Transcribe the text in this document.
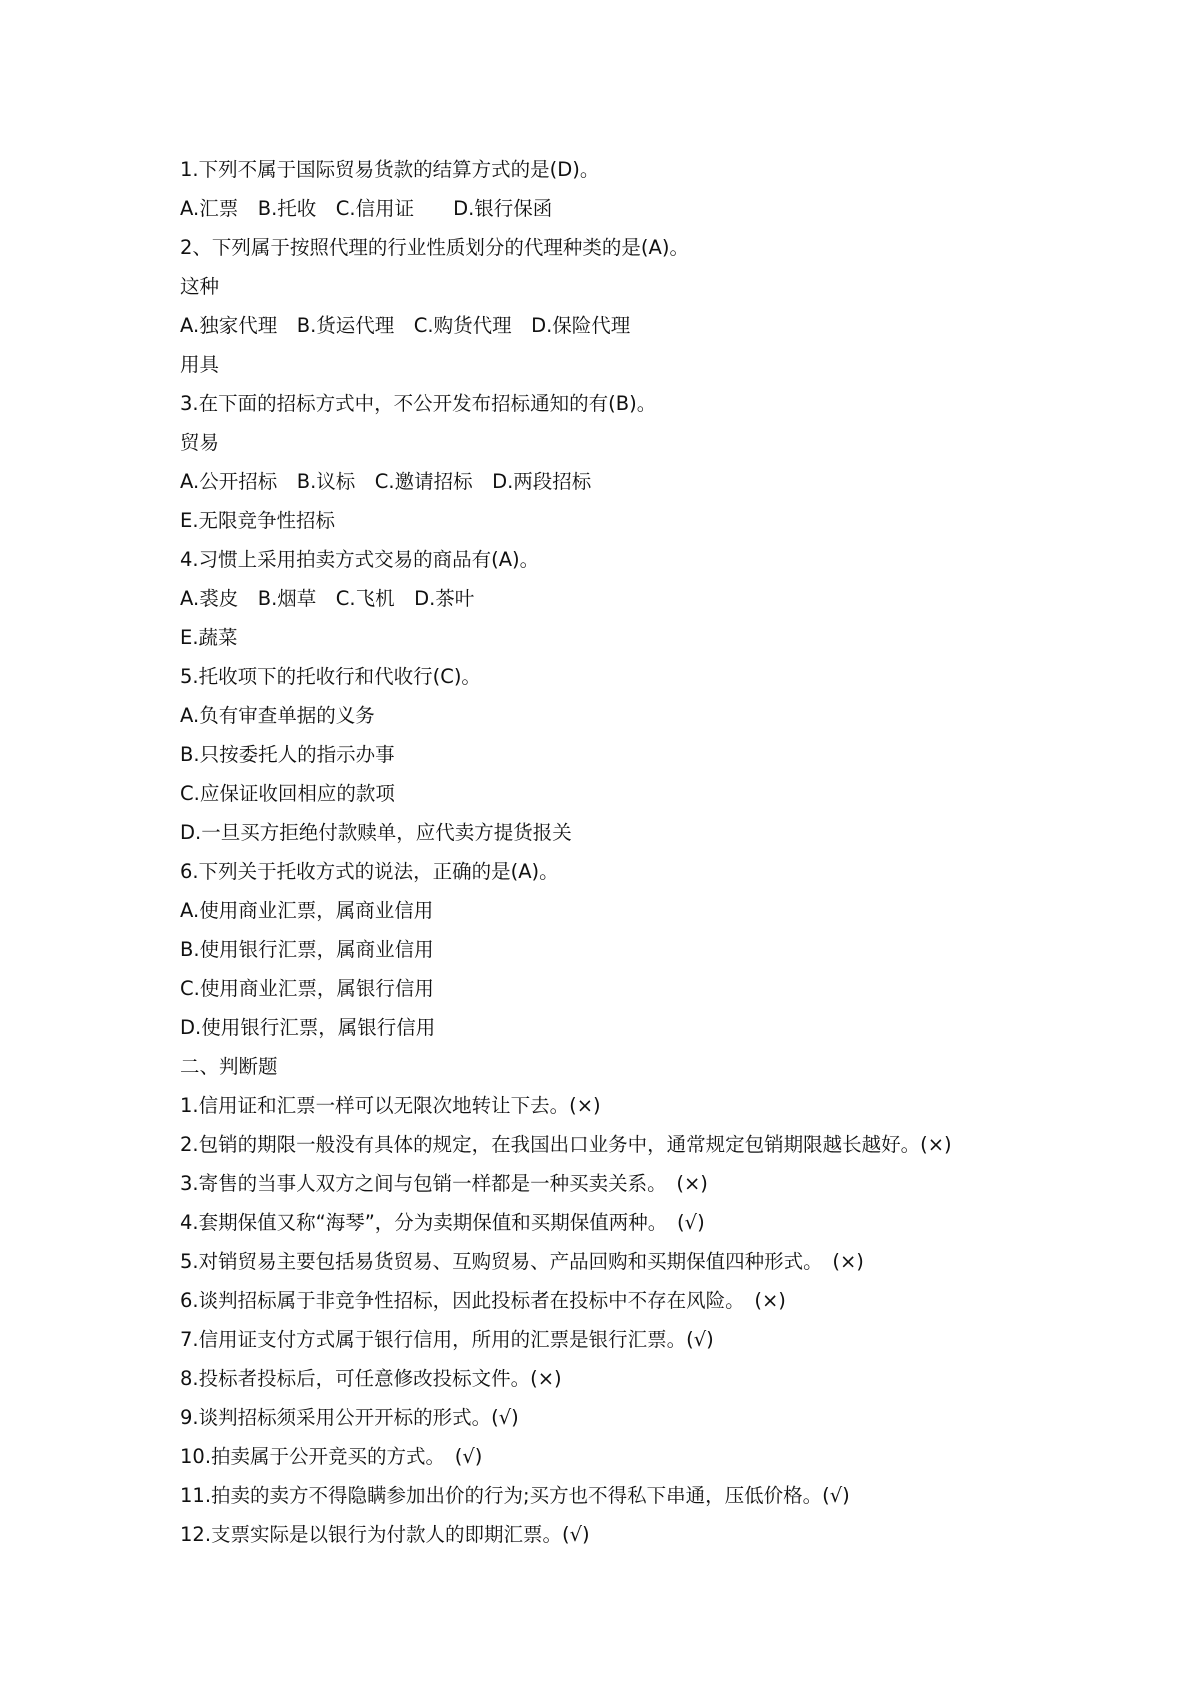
1.下列不属于国际贸易货款的结算方式的是(D)。
A.汇票　B.托收　C.信用证　　D.银行保函
2、下列属于按照代理的行业性质划分的代理种类的是(A)。
这种
A.独家代理　B.货运代理　C.购货代理　D.保险代理
用具
3.在下面的招标方式中，不公开发布招标通知的有(B)。
贸易
A.公开招标　B.议标　C.邀请招标　D.两段招标
E.无限竞争性招标
4.习惯上采用拍卖方式交易的商品有(A)。
A.裘皮　B.烟草　C.飞机　D.茶叶
E.蔬菜
5.托收项下的托收行和代收行(C)。
A.负有审查单据的义务
B.只按委托人的指示办事
C.应保证收回相应的款项
D.一旦买方拒绝付款赎单，应代卖方提货报关
6.下列关于托收方式的说法，正确的是(A)。
A.使用商业汇票，属商业信用
B.使用银行汇票，属商业信用
C.使用商业汇票，属银行信用
D.使用银行汇票，属银行信用
二、判断题
1.信用证和汇票一样可以无限次地转让下去。(×)
2.包销的期限一般没有具体的规定，在我国出口业务中，通常规定包销期限越长越好。(×)
3.寄售的当事人双方之间与包销一样都是一种买卖关系。　(×)
4.套期保值又称“海琴”，分为卖期保值和买期保值两种。　(√)
5.对销贸易主要包括易货贸易、互购贸易、产品回购和买期保值四种形式。　(×)
6.谈判招标属于非竞争性招标，因此投标者在投标中不存在风险。　(×)
7.信用证支付方式属于银行信用，所用的汇票是银行汇票。(√)
8.投标者投标后，可任意修改投标文件。(×)
9.谈判招标须采用公开开标的形式。(√)
10.拍卖属于公开竞买的方式。　(√)
11.拍卖的卖方不得隐瞒参加出价的行为;买方也不得私下串通，压低价格。(√)
12.支票实际是以银行为付款人的即期汇票。(√)
